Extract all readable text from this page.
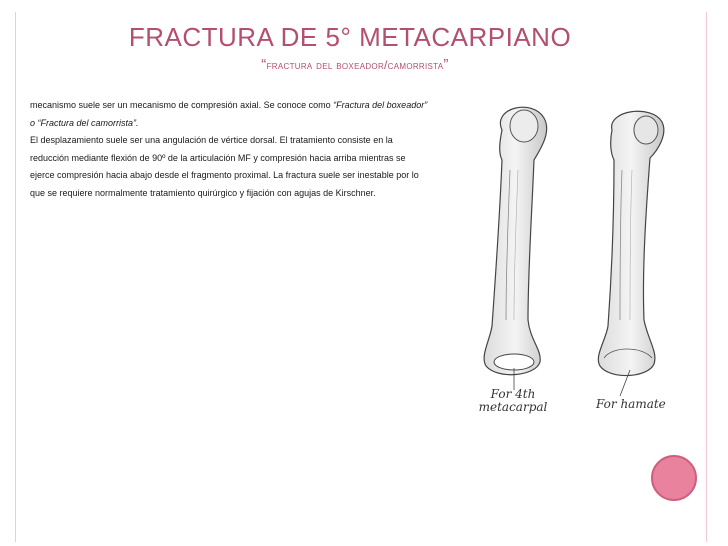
FRACTURA DE 5° METACARPIANO
“fractura del boxeador/camorrista”

mecanismo suele ser un mecanismo de compresión axial. Se conoce como “Fractura del boxeador”

o “Fractura del camorrista”.

El desplazamiento suele ser una angulación de vértice dorsal. El tratamiento consiste en la

reducción mediante flexión de 90º de la articulación MF y compresión hacia arriba mientras se

ejerce compresión hacia abajo desde el fragmento proximal. La fractura suele ser inestable por lo

que se requiere normalmente tratamiento quirúrgico y fijación con agujas de Kirschner.

For 4th metacarpal	For hamate
